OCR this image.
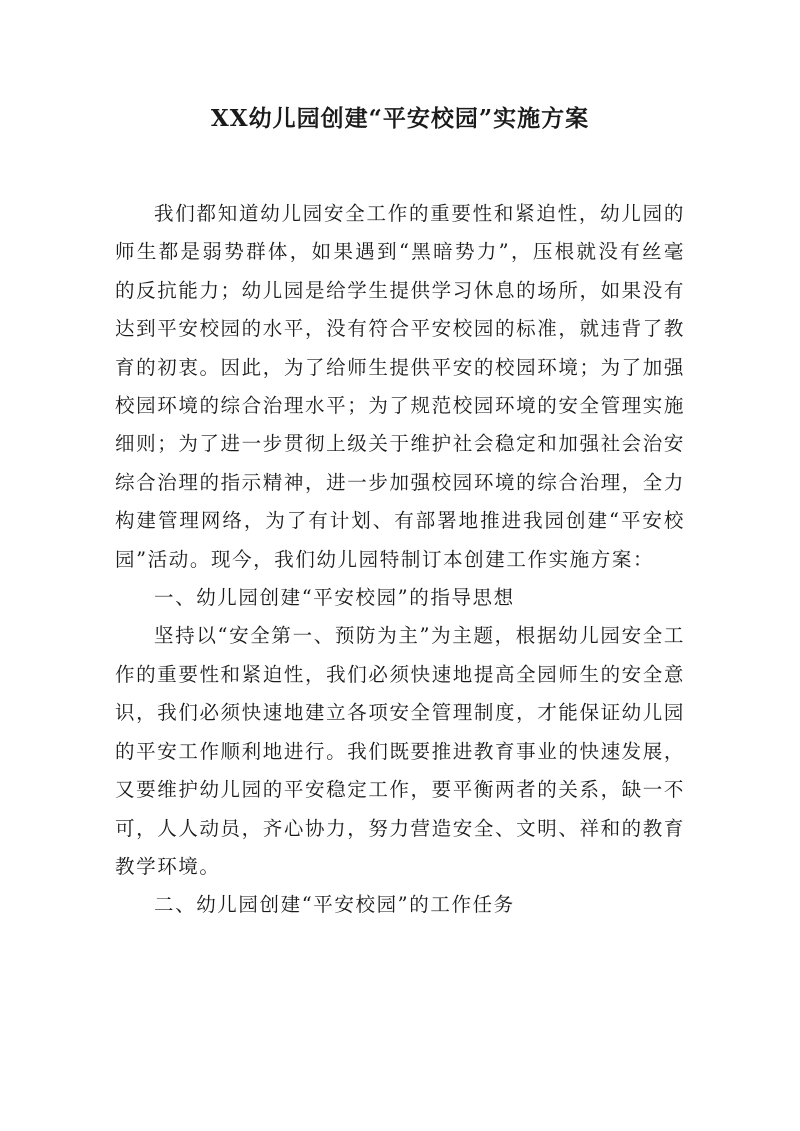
XX幼儿园创建“平安校园”实施方案

我们都知道幼儿园安全工作的重要性和紧迫性，幼儿园的师生都是弱势群体，如果遇到“黑暗势力”，压根就没有丝毫的反抗能力；幼儿园是给学生提供学习休息的场所，如果没有达到平安校园的水平，没有符合平安校园的标准，就违背了教育的初衷。因此，为了给师生提供平安的校园环境；为了加强校园环境的综合治理水平；为了规范校园环境的安全管理实施细则；为了进一步贯彻上级关于维护社会稳定和加强社会治安综合治理的指示精神，进一步加强校园环境的综合治理，全力构建管理网络，为了有计划、有部署地推进我园创建“平安校园”活动。现今，我们幼儿园特制订本创建工作实施方案：

一、幼儿园创建“平安校园”的指导思想

坚持以“安全第一、预防为主”为主题，根据幼儿园安全工作的重要性和紧迫性，我们必须快速地提高全园师生的安全意识，我们必须快速地建立各项安全管理制度，才能保证幼儿园的平安工作顺利地进行。我们既要推进教育事业的快速发展，又要维护幼儿园的平安稳定工作，要平衡两者的关系，缺一不可，人人动员，齐心协力，努力营造安全、文明、祥和的教育教学环境。

二、幼儿园创建“平安校园”的工作任务
